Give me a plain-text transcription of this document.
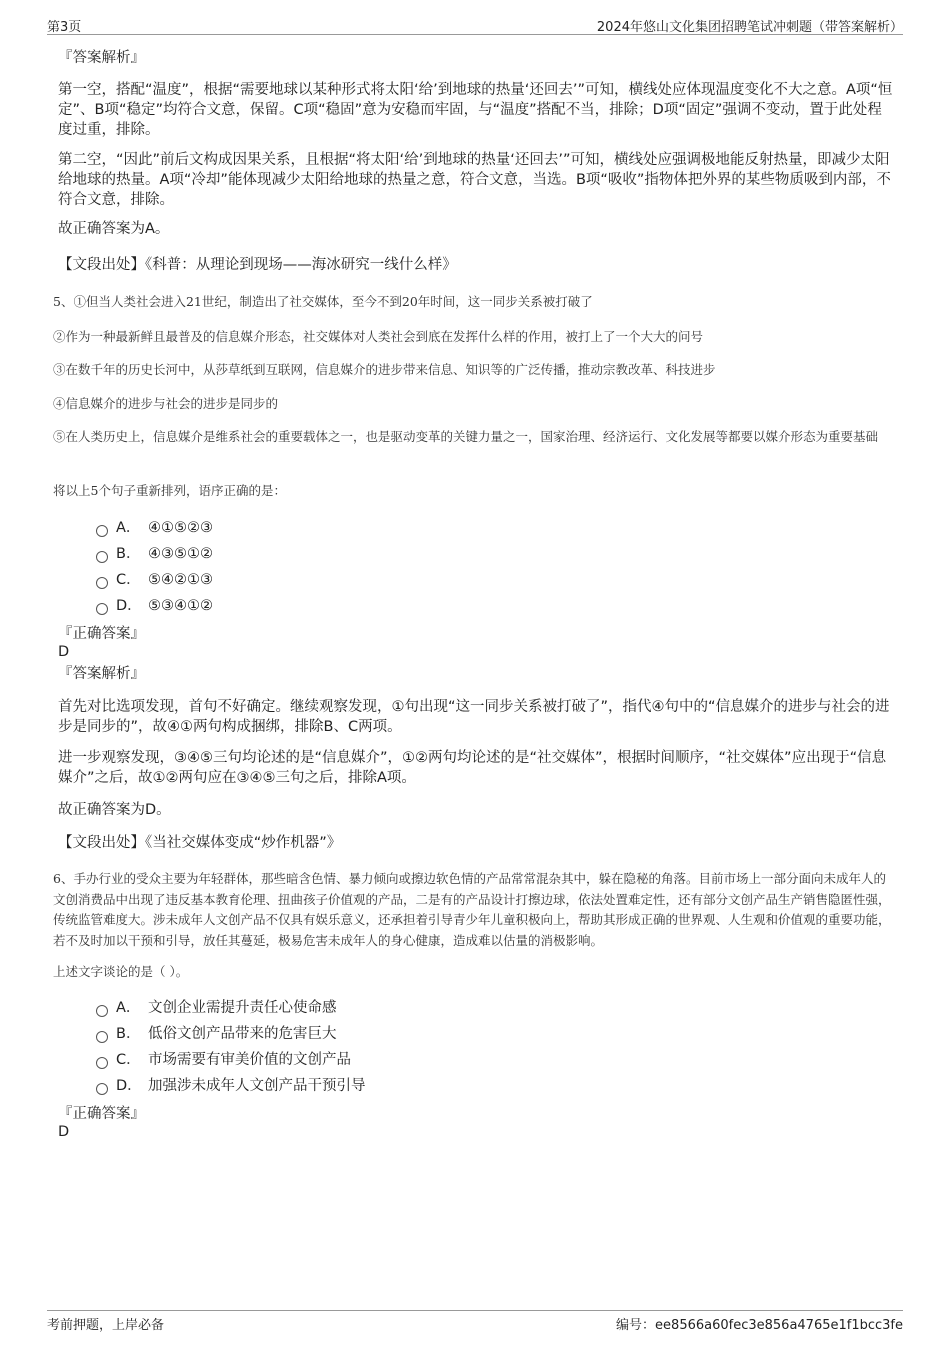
第3页	2024年悠山文化集团招聘笔试冲刺题（带答案解析）
『答案解析』
第一空，搭配“温度”，根据“需要地球以某种形式将太阳‘给’到地球的热量‘还回去’”可知，横线处应体现温度变化不大之意。A项“恒定”、B项“稳定”均符合文意，保留。C项“稳固”意为安稳而牢固，与“温度”搭配不当，排除；D项“固定”强调不变动，置于此处程度过重，排除。
第二空，“因此”前后文构成因果关系，且根据“将太阳‘给’到地球的热量‘还回去’”可知，横线处应强调极地能反射热量，即减少太阳给地球的热量。A项“冷却”能体现减少太阳给地球的热量之意，符合文意，当选。B项“吸收”指物体把外界的某些物质吸到内部，不符合文意，排除。
故正确答案为A。
【文段出处】《科普：从理论到现场——海冰研究一线什么样》
5、①但当人类社会进入21世纪，制造出了社交媒体，至今不到20年时间，这一同步关系被打破了
②作为一种最新鲜且最普及的信息媒介形态，社交媒体对人类社会到底在发挥什么样的作用，被打上了一个大大的问号
③在数千年的历史长河中，从莎草纸到互联网，信息媒介的进步带来信息、知识等的广泛传播，推动宗教改革、科技进步
④信息媒介的进步与社会的进步是同步的
⑤在人类历史上，信息媒介是维系社会的重要载体之一，也是驱动变革的关键力量之一，国家治理、经济运行、文化发展等都要以媒介形态为重要基础
将以上5个句子重新排列，语序正确的是：
A． ④①⑤②③
B． ④③⑤①②
C． ⑤④②①③
D． ⑤③④①②
『正确答案』
D
『答案解析』
首先对比选项发现，首句不好确定。继续观察发现，①句出现“这一同步关系被打破了”，指代④句中的“信息媒介的进步与社会的进步是同步的”，故④①两句构成捆绑，排除B、C两项。
进一步观察发现，③④⑤三句均论述的是“信息媒介”，①②两句均论述的是“社交媒体”，根据时间顺序，“社交媒体”应出现于“信息媒介”之后，故①②两句应在③④⑤三句之后，排除A项。
故正确答案为D。
【文段出处】《当社交媒体变成“炒作机器”》
6、手办行业的受众主要为年轻群体，那些暗含色情、暴力倾向或擦边软色情的产品常常混杂其中，躲在隐秘的角落。目前市场上一部分面向未成年人的文创消费品中出现了违反基本教育伦理、扭曲孩子价值观的产品，二是有的产品设计打擦边球，依法处置难定性，还有部分文创产品生产销售隐匿性强，传统监管难度大。涉未成年人文创产品不仅具有娱乐意义，还承担着引导青少年儿童积极向上，帮助其形成正确的世界观、人生观和价值观的重要功能，若不及时加以干预和引导，放任其蔓延，极易危害未成年人的身心健康，造成难以估量的消极影响。
上述文字谈论的是（ ）。
A． 文创企业需提升责任心使命感
B． 低俗文创产品带来的危害巨大
C． 市场需要有审美价值的文创产品
D． 加强涉未成年人文创产品干预引导
『正确答案』
D
考前押题，上岸必备	编号：ee8566a60fec3e856a4765e1f1bcc3fe
